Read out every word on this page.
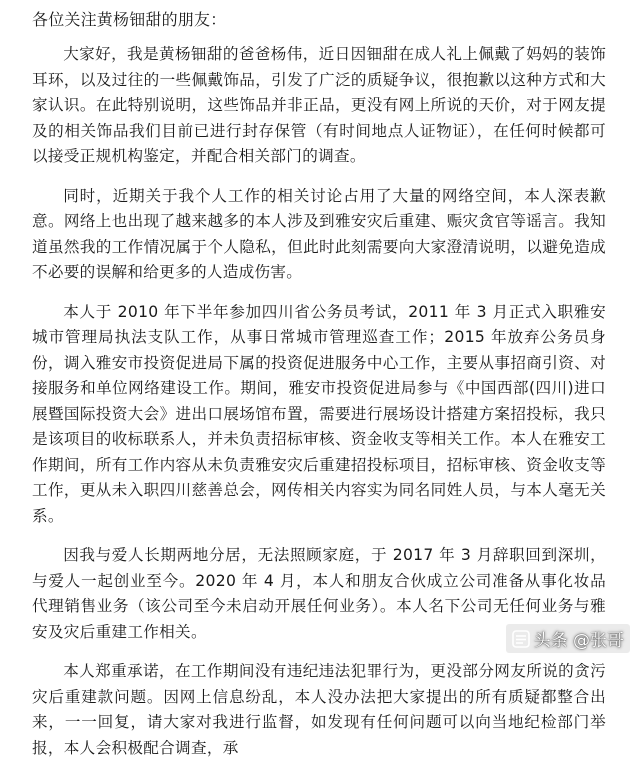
各位关注黄杨钿甜的朋友：

大家好，我是黄杨钿甜的爸爸杨伟，近日因钿甜在成人礼上佩戴了妈妈的装饰耳环，以及过往的一些佩戴饰品，引发了广泛的质疑争议，很抱歉以这种方式和大家认识。在此特别说明，这些饰品并非正品，更没有网上所说的天价，对于网友提及的相关饰品我们目前已进行封存保管（有时间地点人证物证），在任何时候都可以接受正规机构鉴定，并配合相关部门的调查。

同时，近期关于我个人工作的相关讨论占用了大量的网络空间，本人深表歉意。网络上也出现了越来越多的本人涉及到雅安灾后重建、赈灾贪官等谣言。我知道虽然我的工作情况属于个人隐私，但此时此刻需要向大家澄清说明，以避免造成不必要的误解和给更多的人造成伤害。

本人于 2010 年下半年参加四川省公务员考试，2011 年 3 月正式入职雅安城市管理局执法支队工作，从事日常城市管理巡查工作；2015 年放弃公务员身份，调入雅安市投资促进局下属的投资促进服务中心工作，主要从事招商引资、对接服务和单位网络建设工作。期间，雅安市投资促进局参与《中国西部(四川)进口展暨国际投资大会》进出口展场馆布置，需要进行展场设计搭建方案招投标，我只是该项目的收标联系人，并未负责招标审核、资金收支等相关工作。本人在雅安工作期间，所有工作内容从未负责雅安灾后重建招投标项目，招标审核、资金收支等工作，更从未入职四川慈善总会，网传相关内容实为同名同姓人员，与本人毫无关系。

因我与爱人长期两地分居，无法照顾家庭，于 2017 年 3 月辞职回到深圳，与爱人一起创业至今。2020 年 4 月，本人和朋友合伙成立公司准备从事化妆品代理销售业务（该公司至今未启动开展任何业务）。本人名下公司无任何业务与雅安及灾后重建工作相关。

本人郑重承诺，在工作期间没有违纪违法犯罪行为，更没部分网友所说的贪污灾后重建款问题。因网上信息纷乱，本人没办法把大家提出的所有质疑都整合出来，一一回复，请大家对我进行监督，如发现有任何问题可以向当地纪检部门举报，本人会积极配合调查，承

头条 @张哥
